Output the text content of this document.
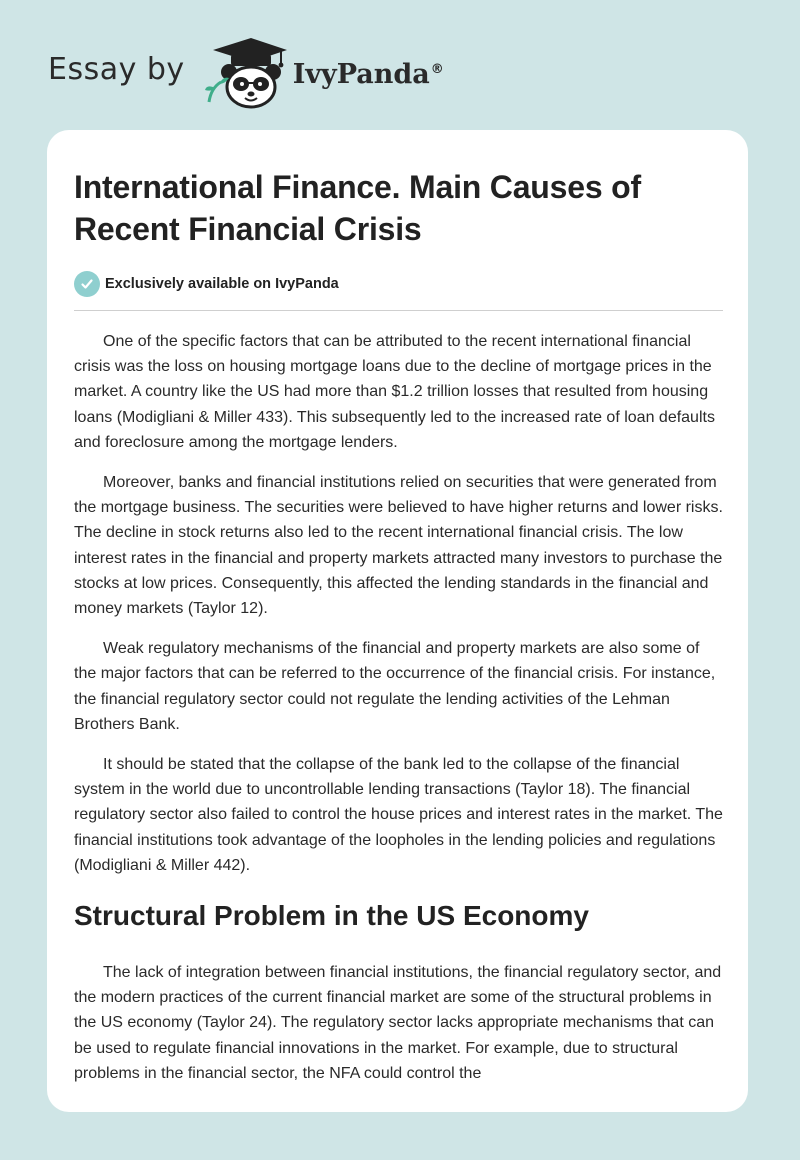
Essay by	IvyPanda®
International Finance. Main Causes of Recent Financial Crisis
Exclusively available on IvyPanda

One of the specific factors that can be attributed to the recent international financial crisis was the loss on housing mortgage loans due to the decline of mortgage prices in the market. A country like the US had more than $1.2 trillion losses that resulted from housing loans (Modigliani & Miller 433). This subsequently led to the increased rate of loan defaults and foreclosure among the mortgage lenders.

Moreover, banks and financial institutions relied on securities that were generated from the mortgage business. The securities were believed to have higher returns and lower risks. The decline in stock returns also led to the recent international financial crisis. The low interest rates in the financial and property markets attracted many investors to purchase the stocks at low prices. Consequently, this affected the lending standards in the financial and money markets (Taylor 12).

Weak regulatory mechanisms of the financial and property markets are also some of the major factors that can be referred to the occurrence of the financial crisis. For instance, the financial regulatory sector could not regulate the lending activities of the Lehman Brothers Bank.

It should be stated that the collapse of the bank led to the collapse of the financial system in the world due to uncontrollable lending transactions (Taylor 18). The financial regulatory sector also failed to control the house prices and interest rates in the market. The financial institutions took advantage of the loopholes in the lending policies and regulations (Modigliani & Miller 442).

Structural Problem in the US Economy

The lack of integration between financial institutions, the financial regulatory sector, and the modern practices of the current financial market are some of the structural problems in the US economy (Taylor 24). The regulatory sector lacks appropriate mechanisms that can be used to regulate financial innovations in the market. For example, due to structural problems in the financial sector, the NFA could control the
